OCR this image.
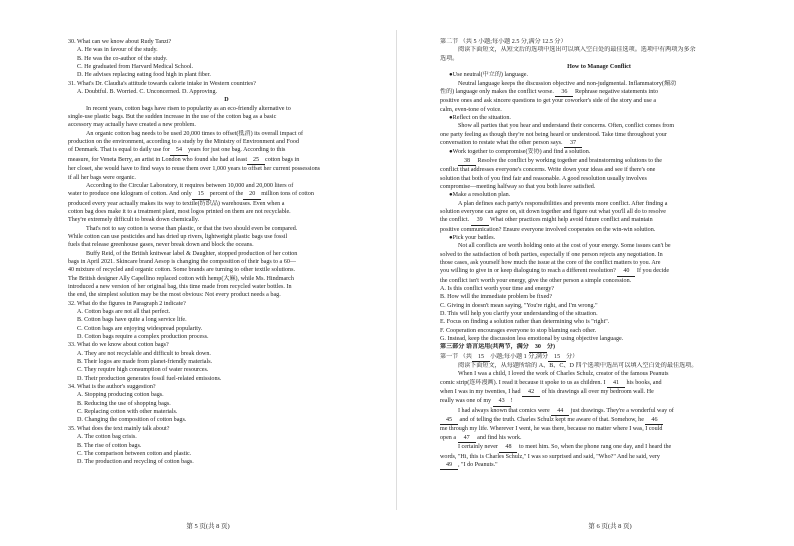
30. What can we know about Rudy Tanzi?
A. He was in favour of the study.
B. He was the co-author of the study.
C. He graduated from Harvard Medical School.
D. He advises replacing eating food high in plant fiber.
31. What's Dr. Claudia's attitude towards calorie intake in Western countries?
A. Doubtful. B. Worried. C. Unconcerned. D. Approving.
D
In recent years, cotton bags have risen to popularity as an eco-friendly alternative to
single-use plastic bags. But the sudden increase in the use of the cotton bag as a basic
accessory may actually have created a new problem.
An organic cotton bag needs to be used 20,000 times to offset(抵消) its overall impact of
production on the environment, according to a study by the Ministry of Environment and Food
of Denmark. That is equal to daily use for 54 years for just one bag. According to this
measure, for Veneta Berry, an artist in London who found she had at least 25 cotton bags in
her closet, she would have to find ways to reuse them over 1,000 years to offset her current possessions
if all her bags were organic.
According to the Circular Laboratory, it requires between 10,000 and 20,000 liters of
water to produce one kilogram of cotton. And only 15 percent of the 20 million tons of cotton
produced every year actually makes its way to textile(纺织品) warehouses. Even when a
cotton bag does make it to a treatment plant, most logos printed on them are not recyclable.
They're extremely difficult to break down chemically.
That's not to say cotton is worse than plastic, or that the two should even be compared.
While cotton can use pesticides and has dried up rivers, lightweight plastic bags use fossil
fuels that release greenhouse gases, never break down and block the oceans.
Buffy Reid, of the British knitwear label & Daughter, stopped production of her cotton
bags in April 2021. Skincare brand Aesop is changing the composition of their bags to a 60—
40 mixture of recycled and organic cotton. Some brands are turning to other textile solutions.
The British designer Ally Capellino replaced cotton with hemp(大麻), while Ms. Hindmarch
introduced a new version of her original bag, this time made from recycled water bottles. In
the end, the simplest solution may be the most obvious: Not every product needs a bag.
32. What do the figures in Paragraph 2 indicate?
A. Cotton bags are not all that perfect.
B. Cotton bags have quite a long service life.
C. Cotton bags are enjoying widespread popularity.
D. Cotton bags require a complex production process.
33. What do we know about cotton bags?
A. They are not recyclable and difficult to break down.
B. Their logos are made from planet-friendly materials.
C. They require high consumption of water resources.
D. Their production generates fossil fuel-related emissions.
34. What is the author's suggestion?
A. Stopping producing cotton bags.
B. Reducing the use of shopping bags.
C. Replacing cotton with other materials.
D. Changing the composition of cotton bags.
35. What does the text mainly talk about?
A. The cotton bag crisis.
B. The rise of cotton bags.
C. The comparison between cotton and plastic.
D. The production and recycling of cotton bags.
第二节 （共 5 小题;每小题 2.5 分,满分 12.5 分）
阅读下面短文，从短文后的选项中选出可以填入空白处的最佳选项。选项中有两项为多余
选项。
How to Manage Conflict
●Use neutral(中立的) language.
Neutral language keeps the discussion objective and non-judgmental. Inflammatory(煽动
性的) language only makes the conflict worse. 36 Rephrase negative statements into
positive ones and ask sincere questions to get your coworker's side of the story and use a
calm, even-tone of voice.
●Reflect on the situation.
Show all parties that you hear and understand their concerns. Often, conflict comes from
one party feeling as though they're not being heard or understood. Take time throughout your
conversation to restate what the other person says. 37
●Work together to compromise(妥协) and find a solution.
38 Resolve the conflict by working together and brainstorming solutions to the
conflict that addresses everyone's concerns. Write down your ideas and see if there's one
solution that both of you find fair and reasonable. A good resolution usually involves
compromise—meeting halfway so that you both leave satisfied.
●Make a resolution plan.
A plan defines each party's responsibilities and prevents more conflict. After finding a
solution everyone can agree on, sit down together and figure out what you'll all do to resolve
the conflict. 39 What other practices might help avoid future conflict and maintain
positive communication? Ensure everyone involved cooperates on the win-win solution.
●Pick your battles.
Not all conflicts are worth holding onto at the cost of your energy. Some issues can't be
solved to the satisfaction of both parties, especially if one person rejects any negotiation. In
those cases, ask yourself how much the issue at the core of the conflict matters to you. Are
you willing to give in or keep dialoguing to reach a different resolution? 40 If you decide
the conflict isn't worth your energy, give the other person a simple concession.
A. Is this conflict worth your time and energy?
B. How will the immediate problem be fixed?
C. Giving in doesn't mean saying, "You're right, and I'm wrong."
D. This will help you clarify your understanding of the situation.
E. Focus on finding a solution rather than determining who is "right".
F. Cooperation encourages everyone to stop blaming each other.
G. Instead, keep the discussion less emotional by using objective language.
第三部分 语言运用(共两节，满分 30 分)
第一节 （共 15 小题;每小题 1 分,满分 15 分）
阅读下面短文，从每题所给的 A、B、C、D 四个选项中选出可以填入空白处的最佳选项。
When I was a child, I loved the work of Charles Schulz, creator of the famous Peanuts
comic strip(连环漫画). I read it because it spoke to us as children. I 41 his books, and
when I was in my twenties, I had 42 of his drawings all over my bedroom wall. He
really was one of my 43 !
I had always known that comics were 44 just drawings. They're a wonderful way of
45 and of telling the truth. Charles Schulz kept me aware of that. Somehow, he 46
me through my life. Wherever I went, he was there, because no matter where I was, I could
open a 47 and find his work.
I certainly never 48 to meet him. So, when the phone rang one day, and I heard the
words, "Hi, this is Charles Schulz," I was so surprised and said, "Who?" And he said, very
49 , "I do Peanuts."
第 5 页(共 8 页)	第 6 页(共 8 页)
